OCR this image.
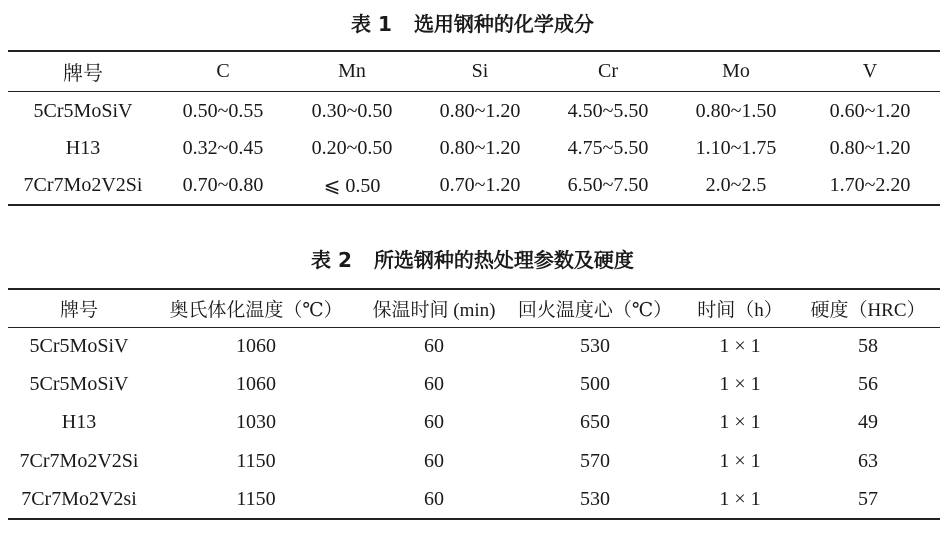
表 1 选用钢种的化学成分
牌号	C	Mn	Si	Cr	Mo	V
5Cr5MoSiV	0.50~0.55	0.30~0.50	0.80~1.20	4.50~5.50	0.80~1.50	0.60~1.20
H13	0.32~0.45	0.20~0.50	0.80~1.20	4.75~5.50	1.10~1.75	0.80~1.20
7Cr7Mo2V2Si	0.70~0.80	⩽ 0.50	0.70~1.20	6.50~7.50	2.0~2.5	1.70~2.20
表 2 所选钢种的热处理参数及硬度
牌号	奥氏体化温度（℃）	保温时间 (min)	回火温度心（℃）	时间（h）	硬度（HRC）
5Cr5MoSiV	1060	60	530	1 × 1	58
5Cr5MoSiV	1060	60	500	1 × 1	56
H13	1030	60	650	1 × 1	49
7Cr7Mo2V2Si	1150	60	570	1 × 1	63
7Cr7Mo2V2si	1150	60	530	1 × 1	57
